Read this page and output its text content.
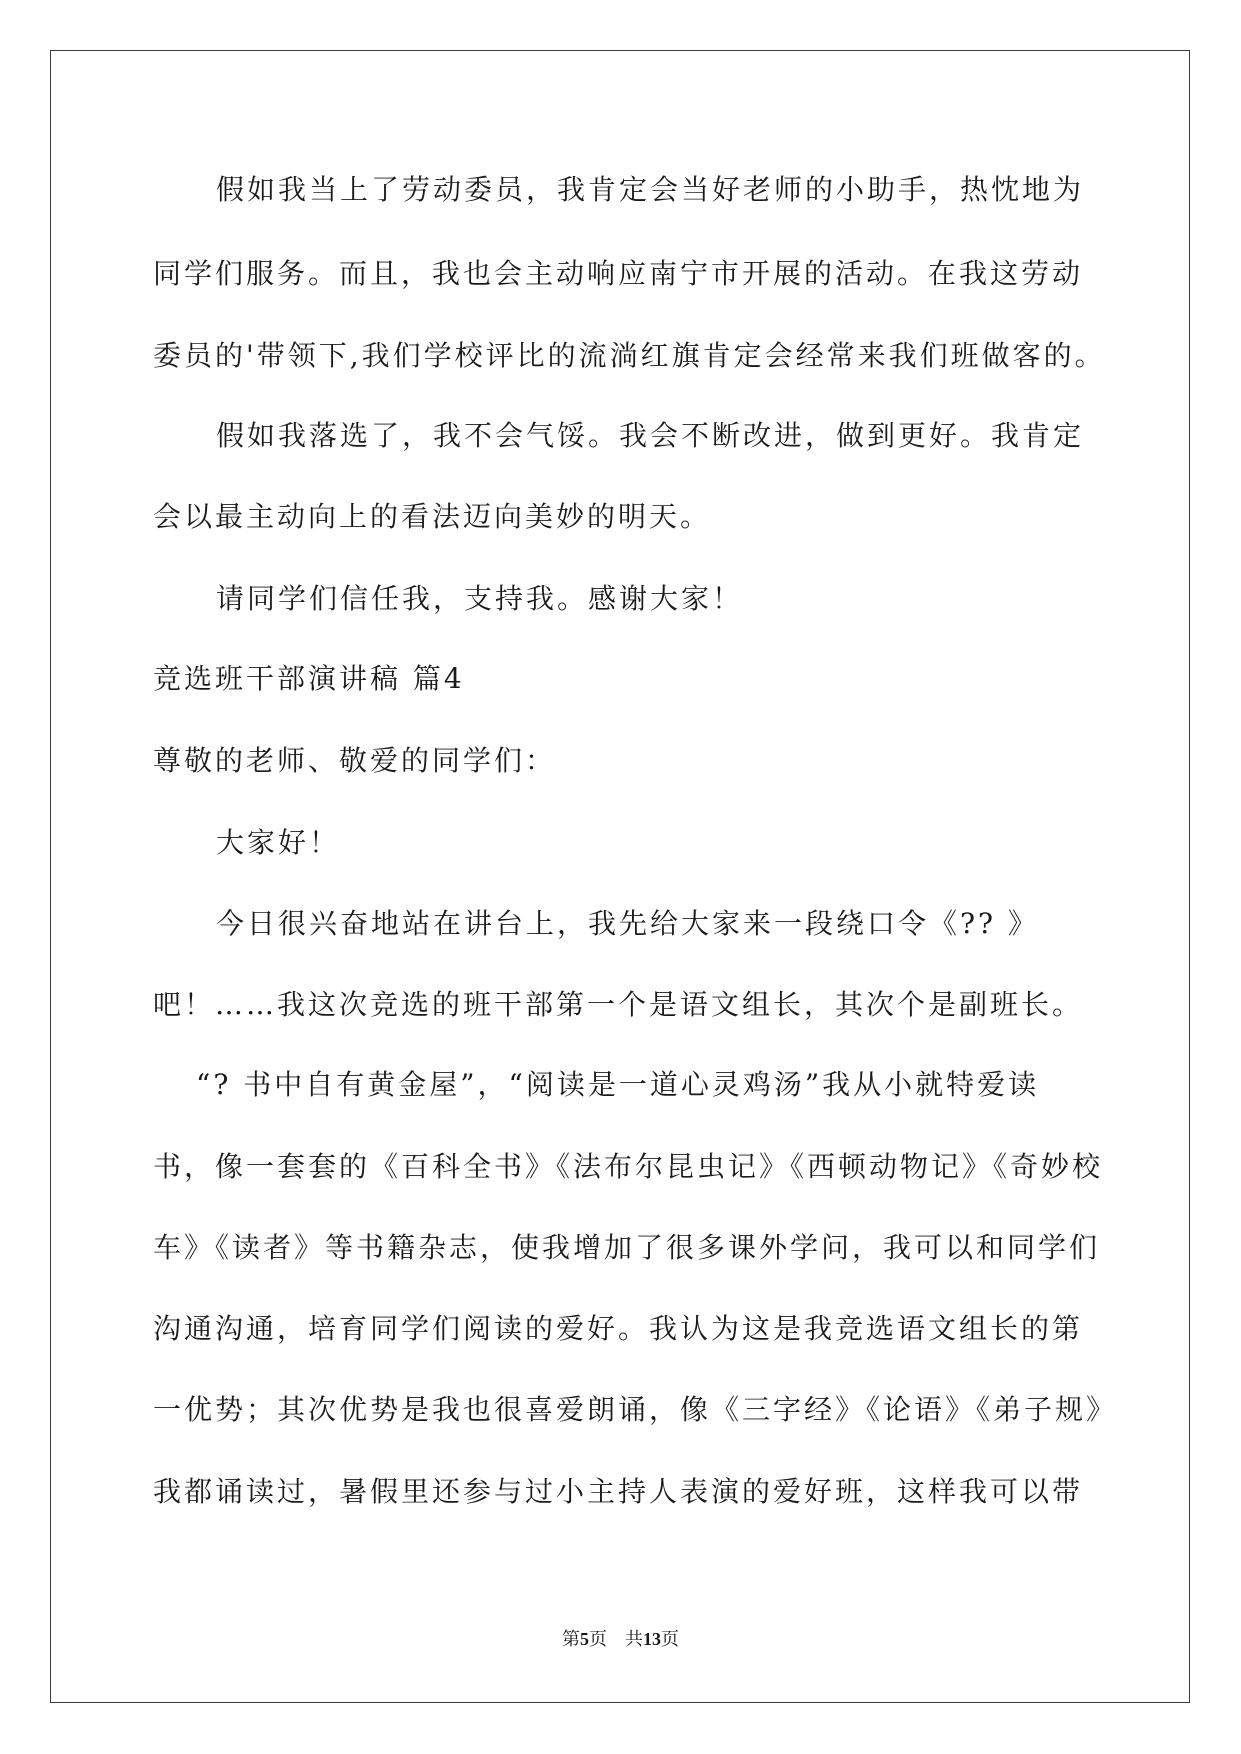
假如我当上了劳动委员，我肯定会当好老师的小助手，热忱地为
同学们服务。而且，我也会主动响应南宁市开展的活动。在我这劳动
委员的'带领下,我们学校评比的流淌红旗肯定会经常来我们班做客的。
假如我落选了，我不会气馁。我会不断改进，做到更好。我肯定
会以最主动向上的看法迈向美妙的明天。
请同学们信任我，支持我。感谢大家！
竞选班干部演讲稿 篇4
尊敬的老师、敬爱的同学们：
大家好！
今日很兴奋地站在讲台上，我先给大家来一段绕口令《?? 》
吧！……我这次竞选的班干部第一个是语文组长，其次个是副班长。
“? 书中自有黄金屋”，“阅读是一道心灵鸡汤”我从小就特爱读
书，像一套套的《百科全书》《法布尔昆虫记》《西顿动物记》《奇妙校
车》《读者》等书籍杂志，使我增加了很多课外学问，我可以和同学们
沟通沟通，培育同学们阅读的爱好。我认为这是我竞选语文组长的第
一优势；其次优势是我也很喜爱朗诵，像《三字经》《论语》《弟子规》
我都诵读过，暑假里还参与过小主持人表演的爱好班，这样我可以带
第5页 共13页
